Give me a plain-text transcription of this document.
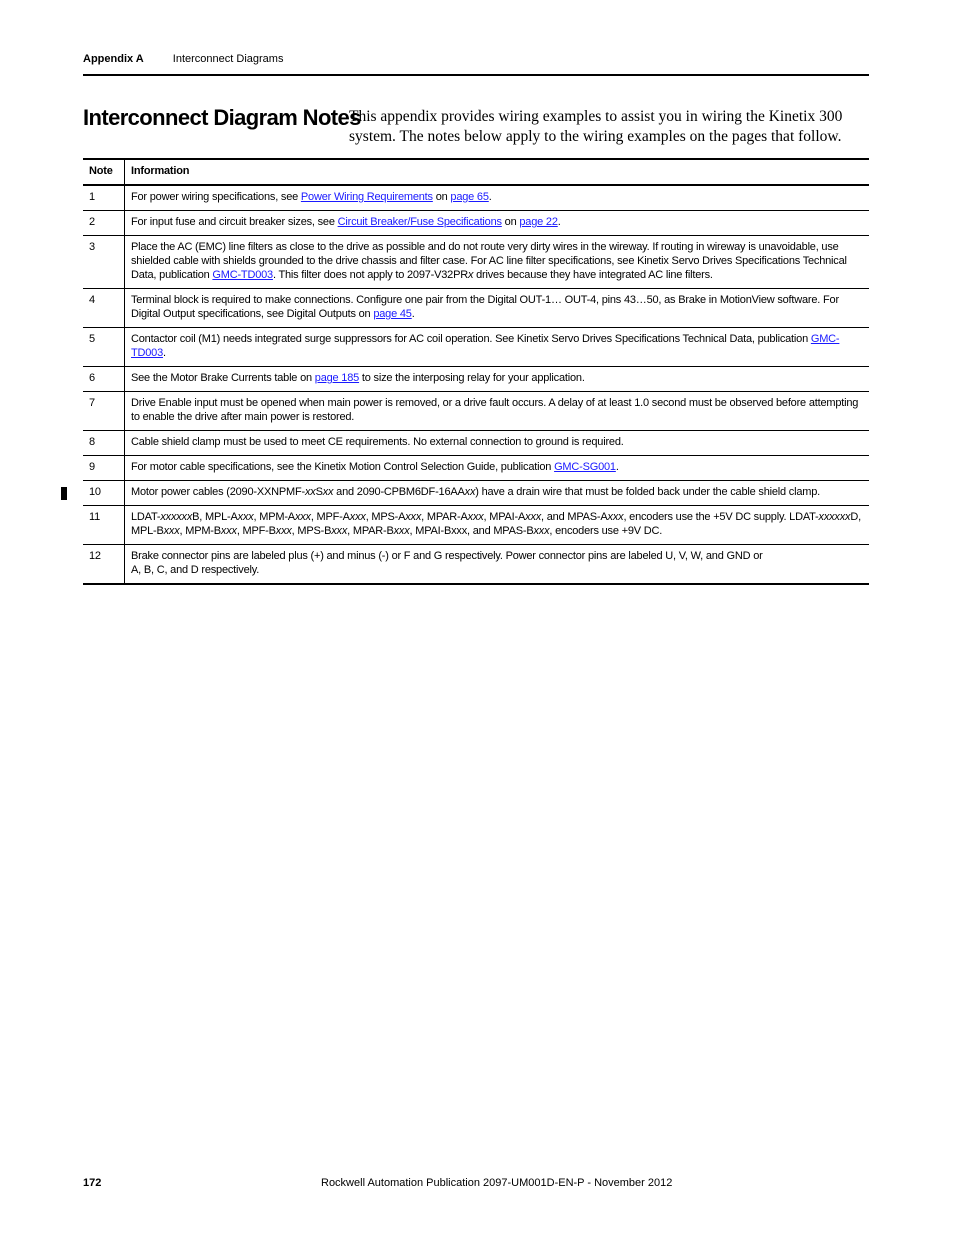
Appendix A	Interconnect Diagrams
Interconnect Diagram Notes

This appendix provides wiring examples to assist you in wiring the Kinetix 300 system. The notes below apply to the wiring examples on the pages that follow.

Note	Information
1	For power wiring specifications, see Power Wiring Requirements on page 65.
2	For input fuse and circuit breaker sizes, see Circuit Breaker/Fuse Specifications on page 22.
3	Place the AC (EMC) line filters as close to the drive as possible and do not route very dirty wires in the wireway. If routing in wireway is unavoidable, use shielded cable with shields grounded to the drive chassis and filter case. For AC line filter specifications, see Kinetix Servo Drives Specifications Technical Data, publication GMC-TD003. This filter does not apply to 2097-V32PRx drives because they have integrated AC line filters.
4	Terminal block is required to make connections. Configure one pair from the Digital OUT-1… OUT-4, pins 43…50, as Brake in MotionView software. For Digital Output specifications, see Digital Outputs on page 45.
5	Contactor coil (M1) needs integrated surge suppressors for AC coil operation. See Kinetix Servo Drives Specifications Technical Data, publication GMC-TD003.
6	See the Motor Brake Currents table on page 185 to size the interposing relay for your application.
7	Drive Enable input must be opened when main power is removed, or a drive fault occurs. A delay of at least 1.0 second must be observed before attempting to enable the drive after main power is restored.
8	Cable shield clamp must be used to meet CE requirements. No external connection to ground is required.
9	For motor cable specifications, see the Kinetix Motion Control Selection Guide, publication GMC-SG001.
10	Motor power cables (2090-XXNPMF-xxSxx and 2090-CPBM6DF-16AAxx) have a drain wire that must be folded back under the cable shield clamp.
11	LDAT-xxxxxxB, MPL-Axxx, MPM-Axxx, MPF-Axxx, MPS-Axxx, MPAR-Axxx, MPAI-Axxx, and MPAS-Axxx, encoders use the +5V DC supply. LDAT-xxxxxxD, MPL-Bxxx, MPM-Bxxx, MPF-Bxxx, MPS-Bxxx, MPAR-Bxxx, MPAI-Bxxx, and MPAS-Bxxx, encoders use +9V DC.
12	Brake connector pins are labeled plus (+) and minus (-) or F and G respectively. Power connector pins are labeled U, V, W, and GND or
A, B, C, and D respectively.
172	Rockwell Automation Publication 2097-UM001D-EN-P - November 2012
